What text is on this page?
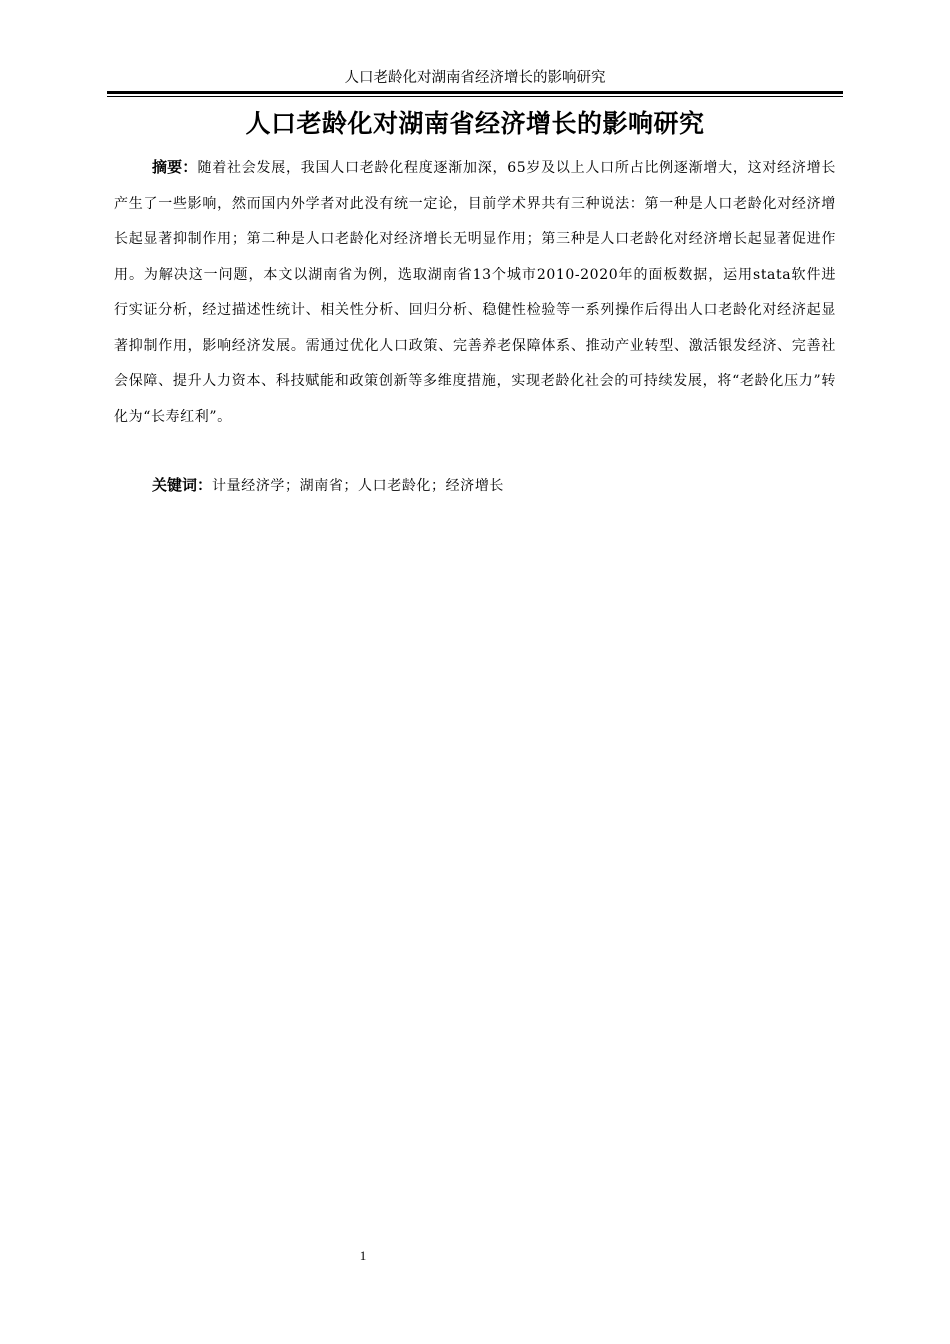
人口老龄化对湖南省经济增长的影响研究
人口老龄化对湖南省经济增长的影响研究

摘要：随着社会发展，我国人口老龄化程度逐渐加深，65岁及以上人口所占比例逐渐增大，这对经济增长产生了一些影响，然而国内外学者对此没有统一定论，目前学术界共有三种说法：第一种是人口老龄化对经济增长起显著抑制作用；第二种是人口老龄化对经济增长无明显作用；第三种是人口老龄化对经济增长起显著促进作用。为解决这一问题，本文以湖南省为例，选取湖南省13个城市2010-2020年的面板数据，运用stata软件进行实证分析，经过描述性统计、相关性分析、回归分析、稳健性检验等一系列操作后得出人口老龄化对经济起显著抑制作用，影响经济发展。需通过优化人口政策、完善养老保障体系、推动产业转型、激活银发经济、完善社会保障、提升人力资本、科技赋能和政策创新等多维度措施，实现老龄化社会的可持续发展，将“老龄化压力”转化为“长寿红利”。

关键词：计量经济学；湖南省；人口老龄化；经济增长

1
